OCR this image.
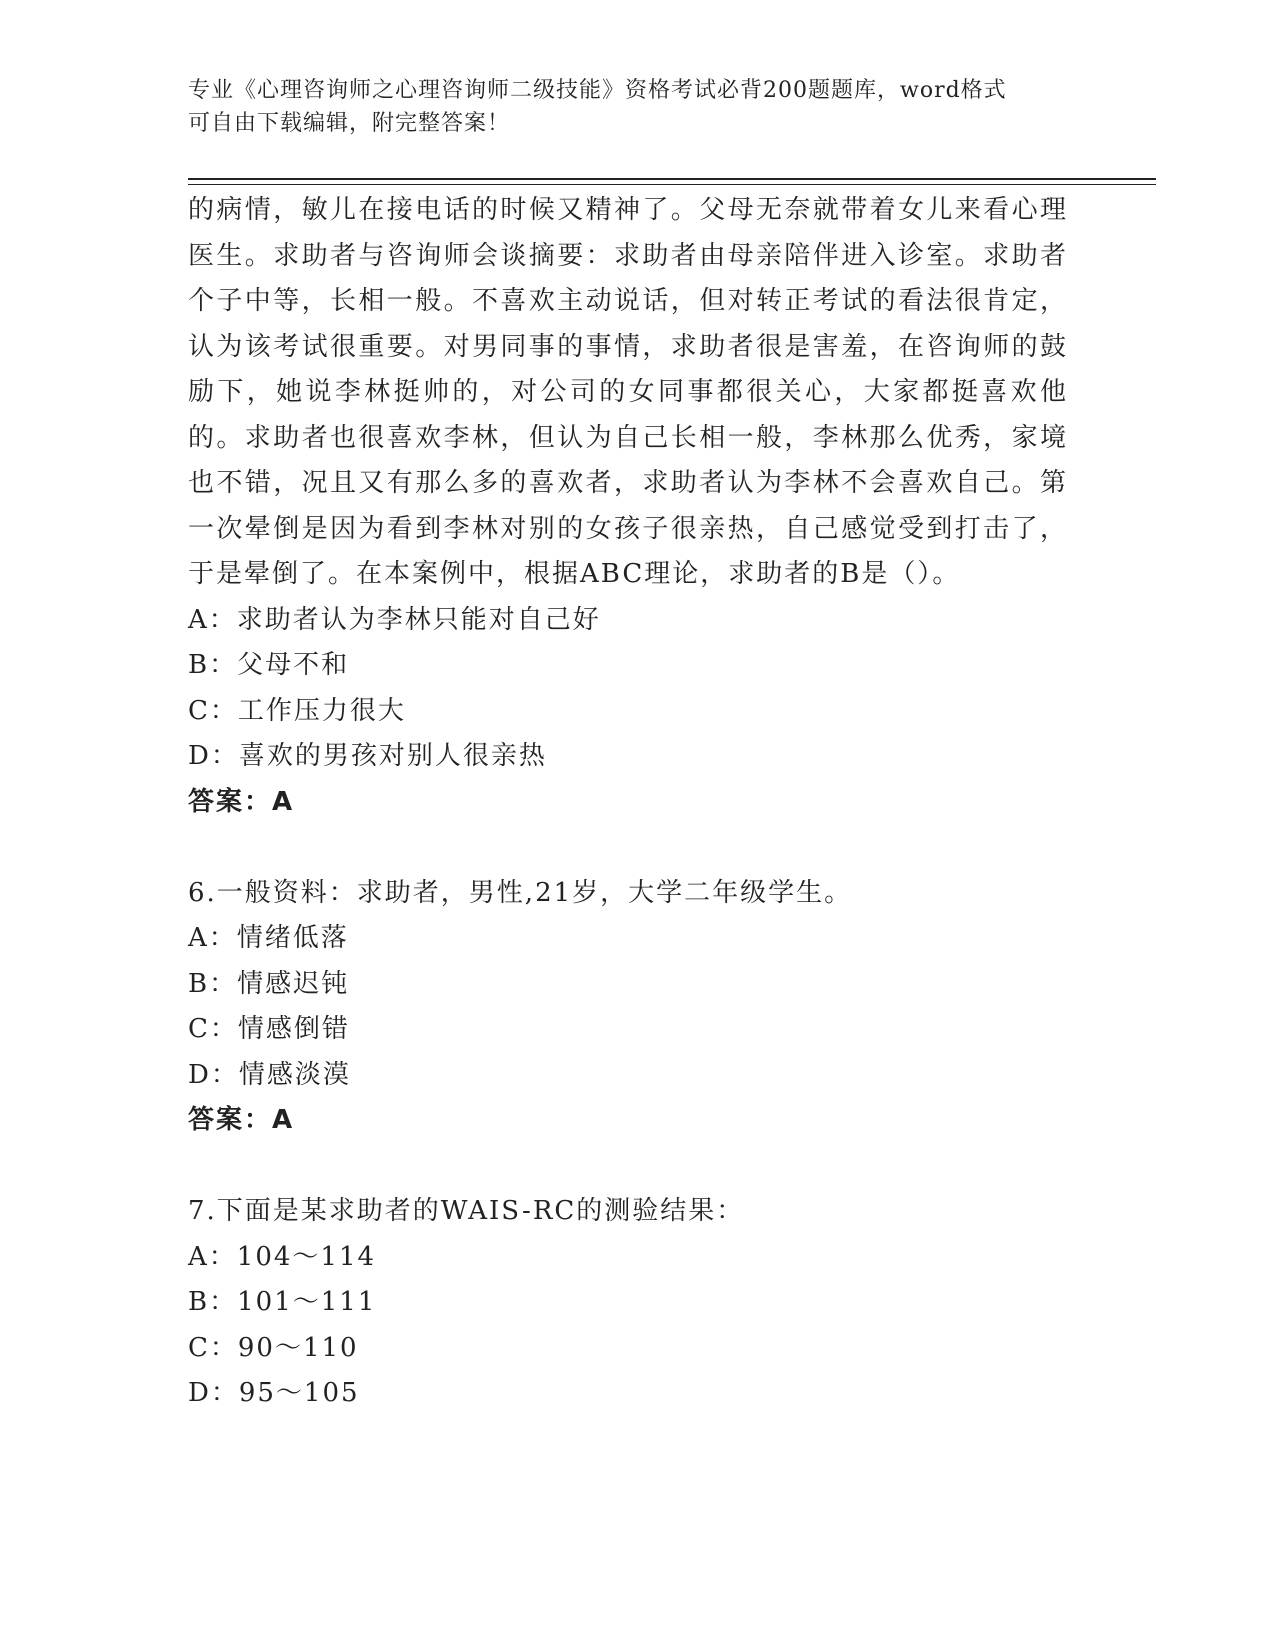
专业《心理咨询师之心理咨询师二级技能》资格考试必背200题题库，word格式
可自由下载编辑，附完整答案！

的病情，敏儿在接电话的时候又精神了。父母无奈就带着女儿来看心理医生。求助者与咨询师会谈摘要：求助者由母亲陪伴进入诊室。求助者个子中等，长相一般。不喜欢主动说话，但对转正考试的看法很肯定，认为该考试很重要。对男同事的事情，求助者很是害羞，在咨询师的鼓励下，她说李林挺帅的，对公司的女同事都很关心，大家都挺喜欢他的。求助者也很喜欢李林，但认为自己长相一般，李林那么优秀，家境也不错，况且又有那么多的喜欢者，求助者认为李林不会喜欢自己。第一次晕倒是因为看到李林对别的女孩子很亲热，自己感觉受到打击了，于是晕倒了。在本案例中，根据ABC理论，求助者的B是（）。

A：求助者认为李林只能对自己好

B：父母不和

C：工作压力很大

D：喜欢的男孩对别人很亲热

答案：A

6.一般资料：求助者，男性,21岁，大学二年级学生。

A：情绪低落

B：情感迟钝

C：情感倒错

D：情感淡漠

答案：A

7.下面是某求助者的WAIS-RC的测验结果：

A：104～114

B：101～111

C：90～110

D：95～105
